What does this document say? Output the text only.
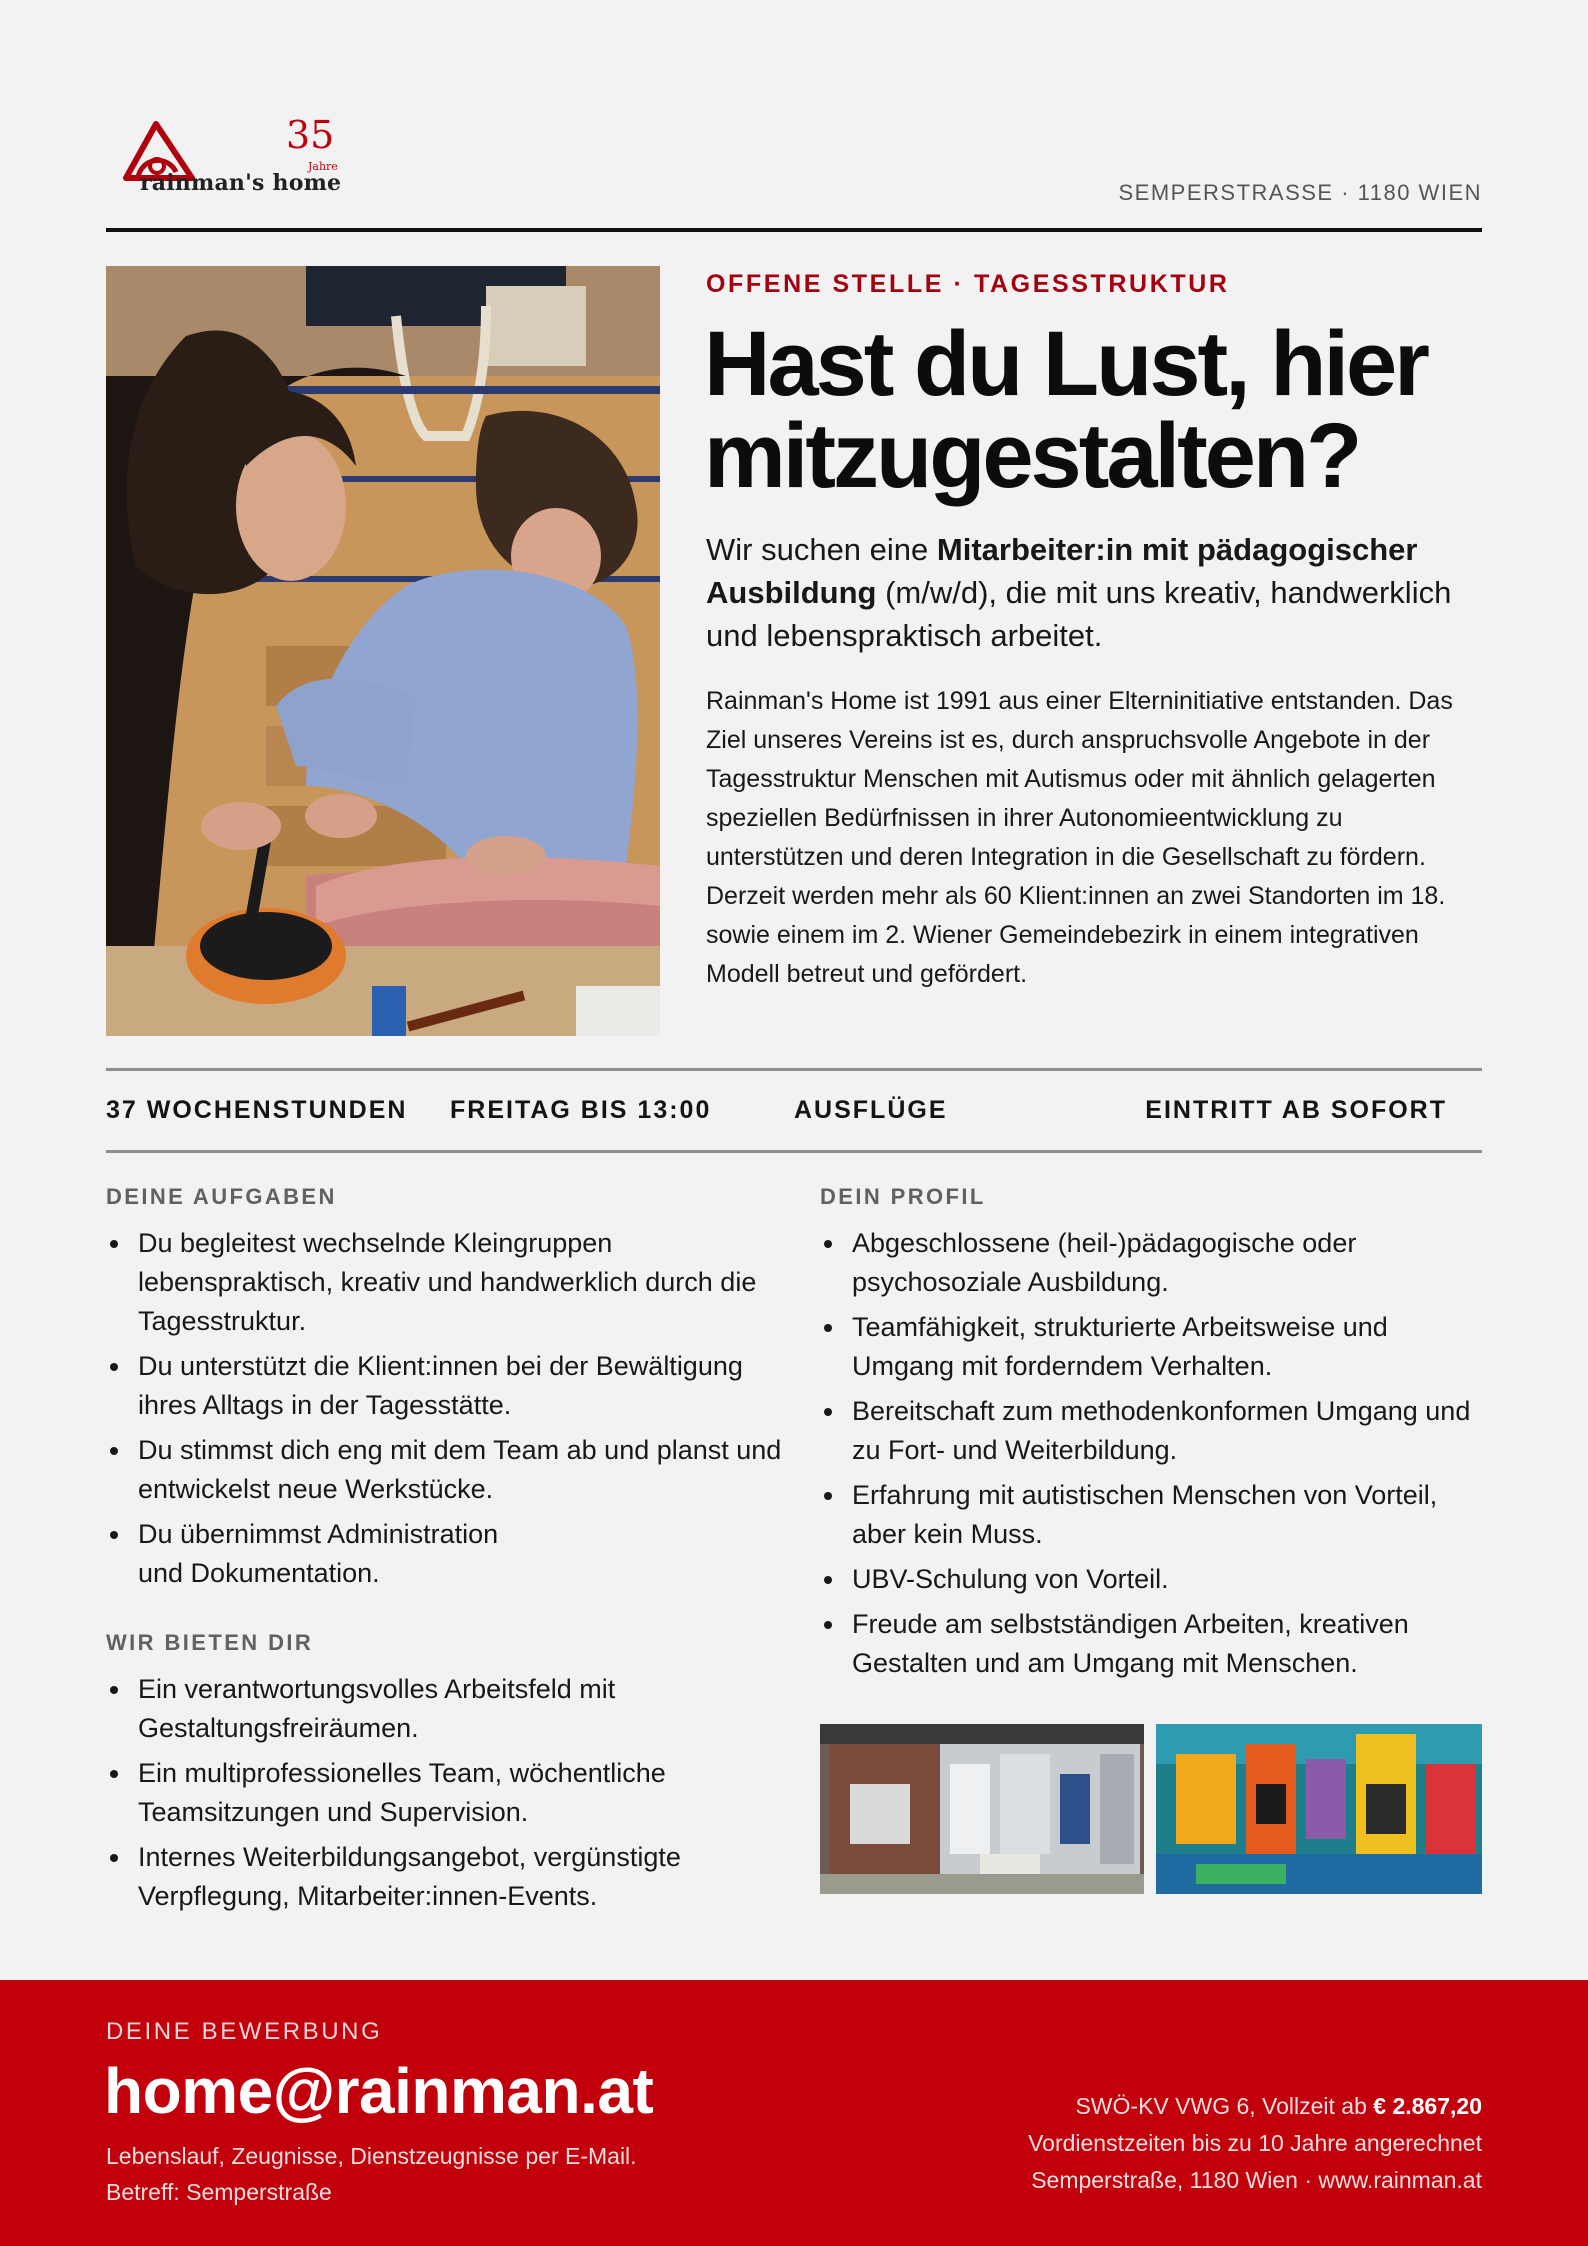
rainman's home
35
Jahre
SEMPERSTRASSE · 1180 WIEN
OFFENE STELLE · TAGESSTRUKTUR
Hast du Lust, hier
mitzugestalten?

Wir suchen eine Mitarbeiter:in mit pädagogischer Ausbildung (m/w/d), die mit uns kreativ, handwerklich und lebenspraktisch arbeitet.

Rainman's Home ist 1991 aus einer Elterninitiative entstanden. Das Ziel unseres Vereins ist es, durch anspruchsvolle Angebote in der Tagesstruktur Menschen mit Autismus oder mit ähnlich gelagerten speziellen Bedürfnissen in ihrer Autonomieentwicklung zu unterstützen und deren Integration in die Gesellschaft zu fördern. Derzeit werden mehr als 60 Klient:innen an zwei Standorten im 18. sowie einem im 2. Wiener Gemeindebezirk in einem integrativen Modell betreut und gefördert.

37 WOCHENSTUNDEN FREITAG BIS 13:00	AUSFLÜGE	EINTRITT AB SOFORT
DEINE AUFGABEN
Du begleitest wechselnde Kleingruppen lebenspraktisch, kreativ und handwerklich durch die Tagesstruktur.
Du unterstützt die Klient:innen bei der Bewältigung ihres Alltags in der Tagesstätte.
Du stimmst dich eng mit dem Team ab und planst und entwickelst neue Werkstücke.
Du übernimmst Administration und Dokumentation.
WIR BIETEN DIR
Ein verantwortungsvolles Arbeitsfeld mit Gestaltungsfreiräumen.
Ein multiprofessionelles Team, wöchentliche Teamsitzungen und Supervision.
Internes Weiterbildungsangebot, vergünstigte Verpflegung, Mitarbeiter:innen-Events.
DEIN PROFIL
Abgeschlossene (heil-)pädagogische oder psychosoziale Ausbildung.
Teamfähigkeit, strukturierte Arbeitsweise und Umgang mit forderndem Verhalten.
Bereitschaft zum methodenkonformen Umgang und zu Fort- und Weiterbildung.
Erfahrung mit autistischen Menschen von Vorteil, aber kein Muss.
UBV-Schulung von Vorteil.
Freude am selbstständigen Arbeiten, kreativen Gestalten und am Umgang mit Menschen.
DEINE BEWERBUNG
home@rainman.at
Lebenslauf, Zeugnisse, Dienstzeugnisse per E-Mail.
Betreff: Semperstraße
SWÖ-KV VWG 6, Vollzeit ab € 2.867,20
Vordienstzeiten bis zu 10 Jahre angerechnet
Semperstraße, 1180 Wien · www.rainman.at
